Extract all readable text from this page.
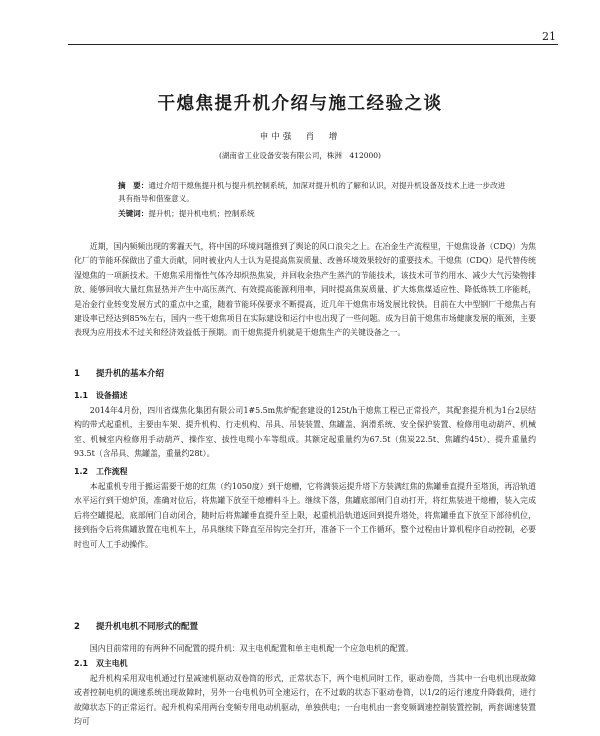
21
干熄焦提升机介绍与施工经验之谈
申中强　肖　增
(湖南省工业设备安装有限公司，株洲　412000)
摘　要：通过介绍干熄焦提升机与提升机控制系统，加深对提升机的了解和认识，对提升机设备及技术上进一步改进具有指导和借鉴意义。
关键词：提升机；提升机电机；控制系统

近期，国内频频出现的雾霾天气，将中国的环境问题推到了舆论的风口浪尖之上。在冶金生产流程里，干熄焦设备（CDQ）为焦化厂的节能环保做出了重大贡献，同时被业内人士认为是提高焦炭质量、改善环境效果较好的重要技术。干熄焦（CDQ）是代替传统湿熄焦的一项新技术。干熄焦采用惰性气体冷却炽热焦炭，并回收余热产生蒸汽的节能技术，该技术可节约用水、减少大气污染物排放、能够回收大量红焦显热并产生中高压蒸汽、有效提高能源利用率，同时提高焦炭质量、扩大炼焦煤适应性、降低炼铁工序能耗，是冶金行业转变发展方式的重点中之重，随着节能环保要求不断提高，近几年干熄焦市场发展比较快。目前在大中型钢厂干熄焦占有建设率已经达到85%左右，国内一些干熄焦项目在实际建设和运行中也出现了一些问题。成为目前干熄焦市场健康发展的瓶颈，主要表现为应用技术不过关和经济效益低于预期。而干熄焦提升机就是干熄焦生产的关键设备之一。

1 提升机的基本介绍
1.1 设备描述

2014年4月份，四川省煤焦化集团有限公司1#5.5m焦炉配套建设的125t/h干熄焦工程已正常投产，其配套提升机为1台2层结构的带式起重机，主要由车架、提升机构、行走机构、吊具、吊装装置、焦罐盖、润滑系统、安全保护装置、检修用电动葫芦、机械室、机械室内检修用手动葫芦、操作室、拔性电缆小车等组成。其额定起重量约为67.5t（焦炭22.5t、焦罐约45t）、提升重量约93.5t（含吊具、焦罐盖，重量约28t）。

1.2 工作流程

本起重机专用于搬运需要干熄的红焦（约1050度）到干熄槽，它将满装运提升塔下方装满红焦的焦罐垂直提升至塔顶，再沿轨道水平运行到干熄炉顶，准确对位后，将焦罐下放至干熄槽料斗上。继续下落，焦罐底部闸门自动打开，将红焦装进干熄槽，装入完成后将空罐提起，底部闸门自动闭合，随时后将焦罐垂直提升至上限，起重机沿轨道返回到提升塔处，将焦罐垂直下放至下部待机位，接到指令后将焦罐放置在电机车上，吊具继续下降直至吊钩完全打开，准备下一个工作循环，整个过程由计算机程序自动控制，必要时也可人工手动操作。

2 提升机电机不同形式的配置

国内目前常用的有两种不同配置的提升机：双主电机配置和单主电机配一个应急电机的配置。

2.1 双主电机

起升机构采用双电机通过行星减速机驱动双卷筒的形式，正常状态下，两个电机同时工作，驱动卷筒，当其中一台电机出现故障或者控制电机的调速系统出现故障时，另外一台电机仍可全速运行，在不过载的状态下驱动卷筒，以1/2的运行速度升降载荷，进行故障状态下的正常运行。起升机构采用两台变频专用电动机驱动，单独供电；一台电机由一套变频调速控制装置控制，两套调速装置均可
